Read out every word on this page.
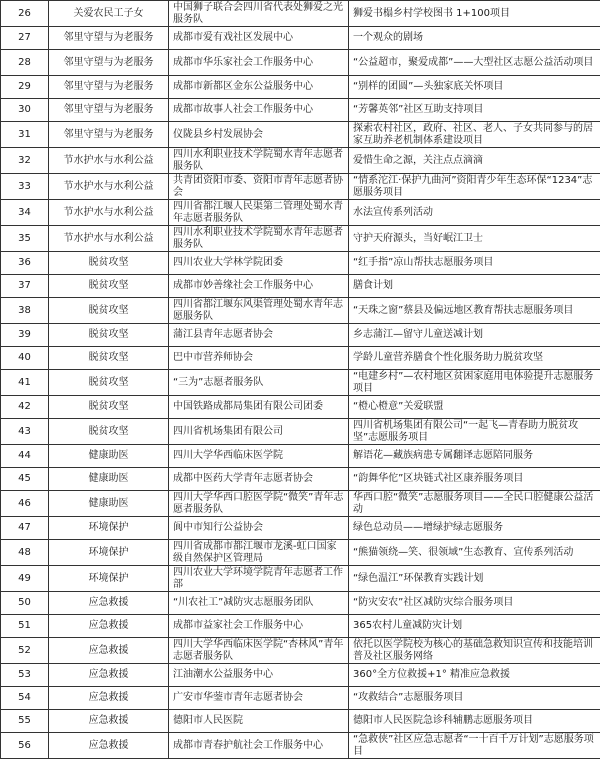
26	关爱农民工子女	中国狮子联合会四川省代表处狮爱之光服务队	狮爱书榻乡村学校图书 1+100项目
27	邻里守望与为老服务	成都市爱有戏社区发展中心	一个观众的剧场
28	邻里守望与为老服务	成都市华乐家社会工作服务中心	“公益超市，聚爱成都”——大型社区志愿公益活动项目
29	邻里守望与为老服务	成都市新都区金东公益服务中心	“别样的团圆”—头独家底关怀项目
30	邻里守望与为老服务	成都市故事人社会工作服务中心	“芳馨英邻”社区互助支持项目
31	邻里守望与为老服务	仪陇县乡村发展协会	探索农村社区，政府、社区、老人、子女共同参与的居家互助养老机制体系建设项目
32	节水护水与水利公益	四川水利职业技术学院蜀水青年志愿者服务队	爱惜生命之源，关注点点滴滴
33	节水护水与水利公益	共青团资阳市委、资阳市青年志愿者协会	“情系沱江·保护九曲河”资阳青少年生态环保“1234”志愿服务项目
34	节水护水与水利公益	四川省都江堰人民渠第二管理处蜀水青年志愿者服务队	水法宣传系列活动
35	节水护水与水利公益	四川水利职业技术学院蜀水青年志愿者服务队	守护天府源头，当好岷江卫士
36	脱贫攻坚	四川农业大学林学院团委	“红手指”凉山帮扶志愿服务项目
37	脱贫攻坚	成都市妙善缘社会工作服务中心	膳食计划
38	脱贫攻坚	四川省都江堰东风渠管理处蜀水青年志愿服务队	“天珠之窗”蔡县及偏远地区教育帮扶志愿服务项目
39	脱贫攻坚	蒲江县青年志愿者协会	乡志蒲江—留守儿童送减计划
40	脱贫攻坚	巴中市营养师协会	学龄儿童营养膳食个性化服务助力脱贫攻坚
41	脱贫攻坚	“三为”志愿者服务队	“电建乡村”—农村地区贫困家庭用电体验提升志愿服务项目
42	脱贫攻坚	中国铁路成都局集团有限公司团委	“橙心橙意”关爱联盟
43	脱贫攻坚	四川省机场集团有限公司	四川省机场集团有限公司“一起飞—青春助力脱贫攻坚”志愿服务项目
44	健康助医	四川大学华西临床医学院	解语花—藏族病患专属翻译志愿陪同服务
45	健康助医	成都中医药大学青年志愿者协会	“韵舞华佗”区块链式社区康养服务项目
46	健康助医	四川大学华西口腔医学院“微笑”青年志愿者服务队	华西口腔“微笑”志愿服务项目——全民口腔健康公益活动
47	环境保护	阆中市知行公益协会	绿色总动员——增绿护绿志愿服务
48	环境保护	四川省成都市都江堰市龙溪-虹口国家级自然保护区管理局	“熊猫领绕—笑、很领域”生态教育、宣传系列活动
49	环境保护	四川农业大学环境学院青年志愿者工作部	“绿色温江”环保教育实践计划
50	应急救援	“川农社工”减防灾志愿服务团队	“防灾安农”社区减防灾综合服务项目
51	应急救援	成都市益家社会工作服务中心	365农村儿童减防灾计划
52	应急救援	四川大学华西临床医学院“杏林风”青年志愿者服务队	依托以医学院校为核心的基础急救知识宣传和技能培训普及社区服务网络
53	应急救援	江油潮水公益服务中心	360°全方位救援+1° 精准应急救援
54	应急救援	广安市华蓥市青年志愿者协会	“攻救结合”志愿服务项目
55	应急救援	德阳市人民医院	德阳市人民医院急诊科辅鹏志愿服务项目
56	应急救援	成都市青春护航社会工作服务中心	“急救侠”社区应急志愿者“一十百千万计划”志愿服务项目
